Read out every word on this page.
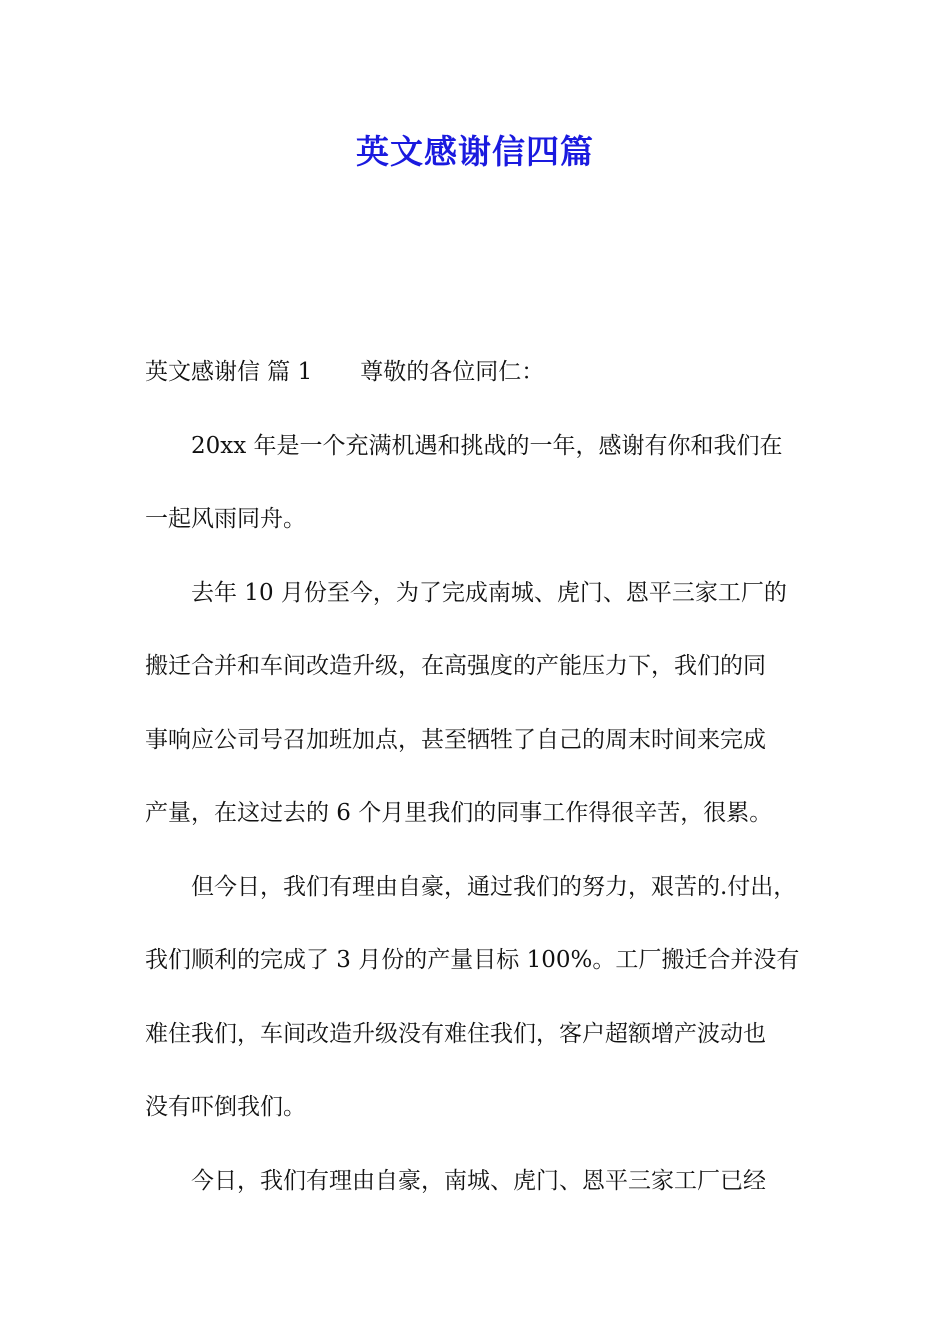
英文感谢信四篇
英文感谢信 篇 1 尊敬的各位同仁：
20xx 年是一个充满机遇和挑战的一年，感谢有你和我们在
一起风雨同舟。
去年 10 月份至今，为了完成南城、虎门、恩平三家工厂的
搬迁合并和车间改造升级，在高强度的产能压力下，我们的同
事响应公司号召加班加点，甚至牺牲了自己的周末时间来完成
产量，在这过去的 6 个月里我们的同事工作得很辛苦，很累。
但今日，我们有理由自豪，通过我们的努力，艰苦的.付出，
我们顺利的完成了 3 月份的产量目标 100%。工厂搬迁合并没有
难住我们，车间改造升级没有难住我们，客户超额增产波动也
没有吓倒我们。
今日，我们有理由自豪，南城、虎门、恩平三家工厂已经
